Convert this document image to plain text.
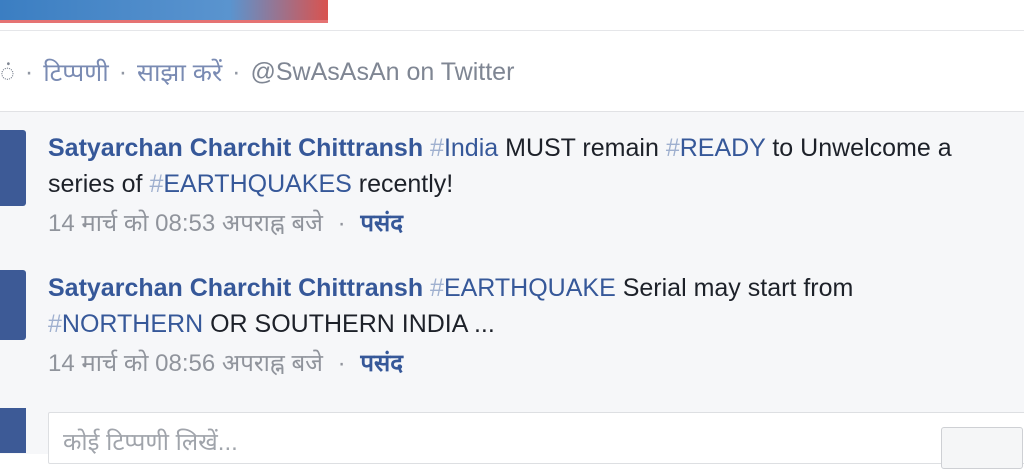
ं · टिप्पणी · साझा करें · @SwAsAsAn on Twitter
Satyarchan Charchit Chittransh #India MUST remain #READY to Unwelcome a series of #EARTHQUAKES recently!
14 मार्च को 08:53 अपराह्न बजे · पसंद
Satyarchan Charchit Chittransh #EARTHQUAKE Serial may start from #NORTHERN OR SOUTHERN INDIA ...
14 मार्च को 08:56 अपराह्न बजे · पसंद
कोई टिप्पणी लिखें...
